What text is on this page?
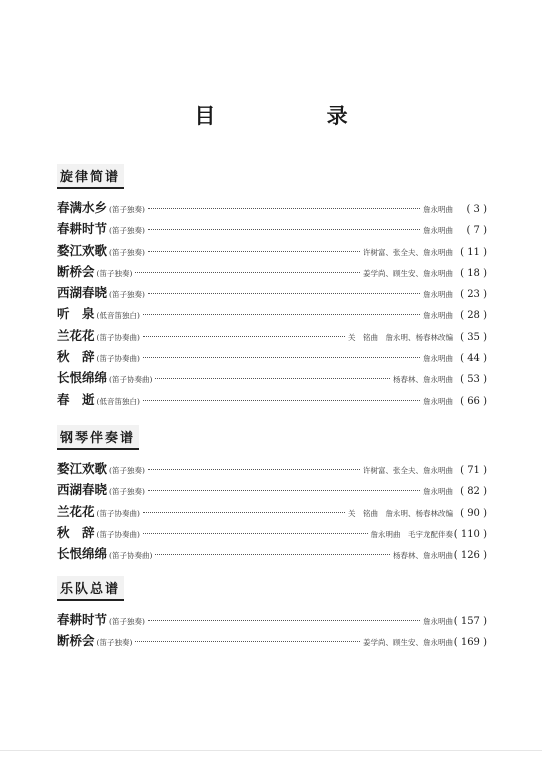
目 录
旋律简谱
春满水乡 (笛子独奏)	詹永明曲	( 3 )
春耕时节 (笛子独奏)	詹永明曲	( 7 )
婺江欢歌 (笛子独奏)	许树富、张全夫、詹永明曲 ( 11 )
断桥会 (笛子独奏)	姜学尚、顾生安、詹永明曲 ( 18 )
西湖春晓 (笛子独奏)	詹永明曲 ( 23 )
听　泉 (低音笛独白)	詹永明曲 ( 28 )
兰花花 (笛子协奏曲)	关　铭曲　詹永明、杨春林改编 ( 35 )
秋　辞 (笛子协奏曲)	詹永明曲 ( 44 )
长恨绵绵 (笛子协奏曲)	杨春林、詹永明曲 ( 53 )
春　逝 (低音笛独白)	詹永明曲 ( 66 )
钢琴伴奏谱
婺江欢歌 (笛子独奏)	许树富、张全夫、詹永明曲 ( 71 )
西湖春晓 (笛子独奏)	詹永明曲 ( 82 )
兰花花 (笛子协奏曲)	关　铭曲　詹永明、杨春林改编 ( 90 )
秋　辞 (笛子协奏曲)	詹永明曲　毛宇龙配伴奏 ( 110 )
长恨绵绵 (笛子协奏曲)	杨春林、詹永明曲 ( 126 )
乐队总谱
春耕时节 (笛子独奏)	詹永明曲 ( 157 )
断桥会 (笛子独奏)	姜学尚、顾生安、詹永明曲 ( 169 )
